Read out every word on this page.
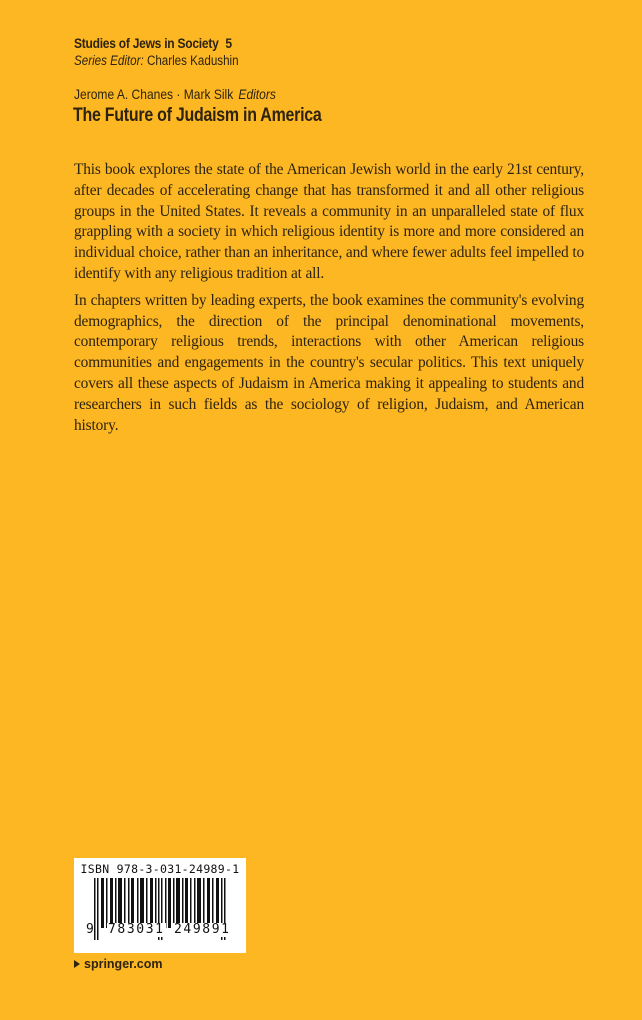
Studies of Jews in Society 5
Series Editor: Charles Kadushin
Jerome A. Chanes · Mark Silk Editors
The Future of Judaism in America

This book explores the state of the American Jewish world in the early 21st century, after decades of accelerating change that has transformed it and all other religious groups in the United States. It reveals a community in an unparalleled state of flux grappling with a society in which religious identity is more and more considered an individual choice, rather than an inheritance, and where fewer adults feel impelled to identify with any religious tradition at all.

In chapters written by leading experts, the book examines the community's evolving demographics, the direction of the principal denominational movements, contemporary religious trends, interactions with other American religious communities and engagements in the country's secular politics. This text uniquely covers all these aspects of Judaism in America making it appealing to students and researchers in such fields as the sociology of religion, Judaism, and American history.

ISBN 978-3-031-24989-1
9 783031 249891
springer.com
